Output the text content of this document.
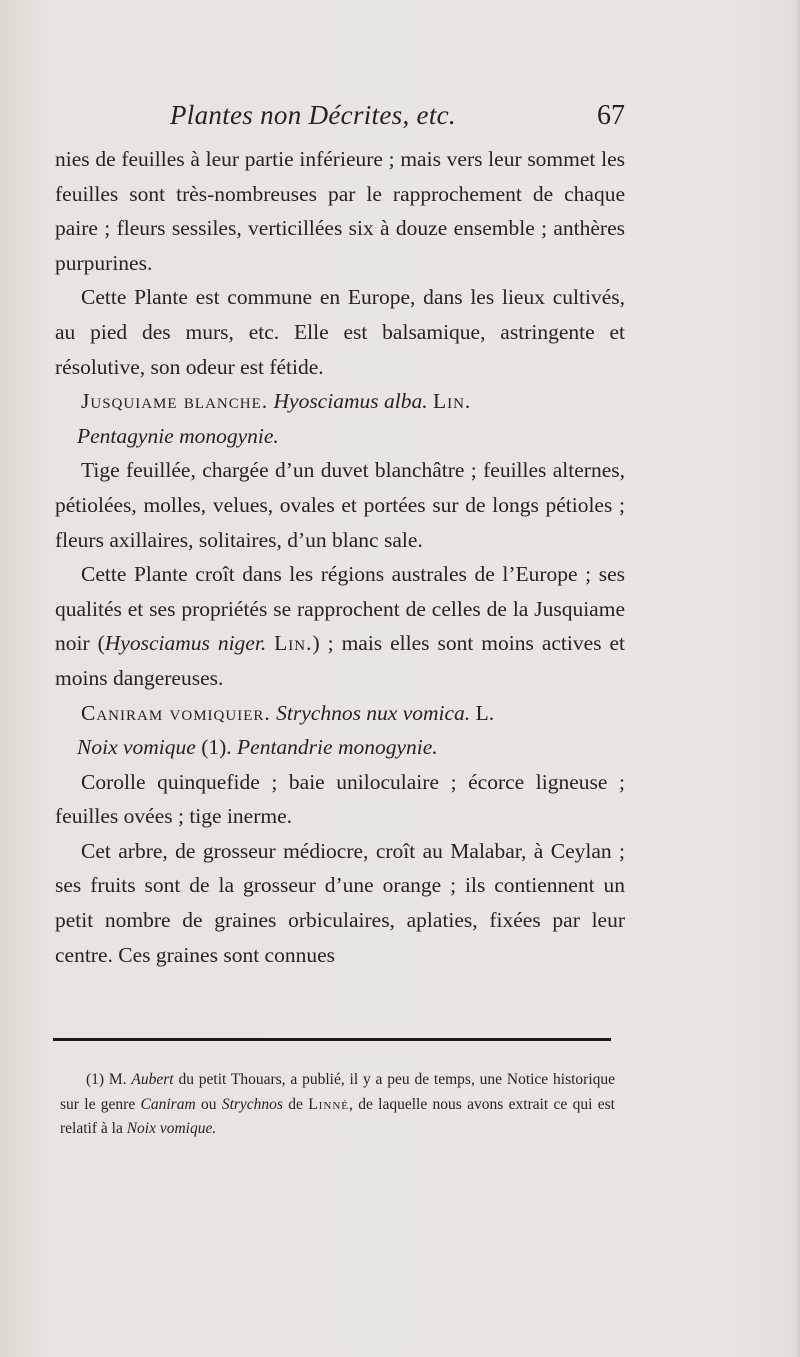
Plantes non Décrites, etc.	67

nies de feuilles à leur partie inférieure ; mais vers leur sommet les feuilles sont très-nombreuses par le rapprochement de chaque paire ; fleurs sessiles, verticillées six à douze ensemble ; anthères purpurines.

Cette Plante est commune en Europe, dans les lieux cultivés, au pied des murs, etc. Elle est balsamique, astringente et résolutive, son odeur est fétide.

Jusquiame blanche. Hyosciamus alba. Lin.

Pentagynie monogynie.

Tige feuillée, chargée d’un duvet blanchâtre ; feuilles alternes, pétiolées, molles, velues, ovales et portées sur de longs pétioles ; fleurs axillaires, solitaires, d’un blanc sale.

Cette Plante croît dans les régions australes de l’Europe ; ses qualités et ses propriétés se rapprochent de celles de la Jusquiame noir (Hyosciamus niger. Lin.) ; mais elles sont moins actives et moins dangereuses.

Caniram vomiquier. Strychnos nux vomica. L.

Noix vomique (1). Pentandrie monogynie.

Corolle quinquefide ; baie uniloculaire ; écorce ligneuse ; feuilles ovées ; tige inerme.

Cet arbre, de grosseur médiocre, croît au Malabar, à Ceylan ; ses fruits sont de la grosseur d’une orange ; ils contiennent un petit nombre de graines orbiculaires, aplaties, fixées par leur centre. Ces graines sont connues

(1) M. Aubert du petit Thouars, a publié, il y a peu de temps, une Notice historique sur le genre Caniram ou Strychnos de Linné, de laquelle nous avons extrait ce qui est relatif à la Noix vomique.
